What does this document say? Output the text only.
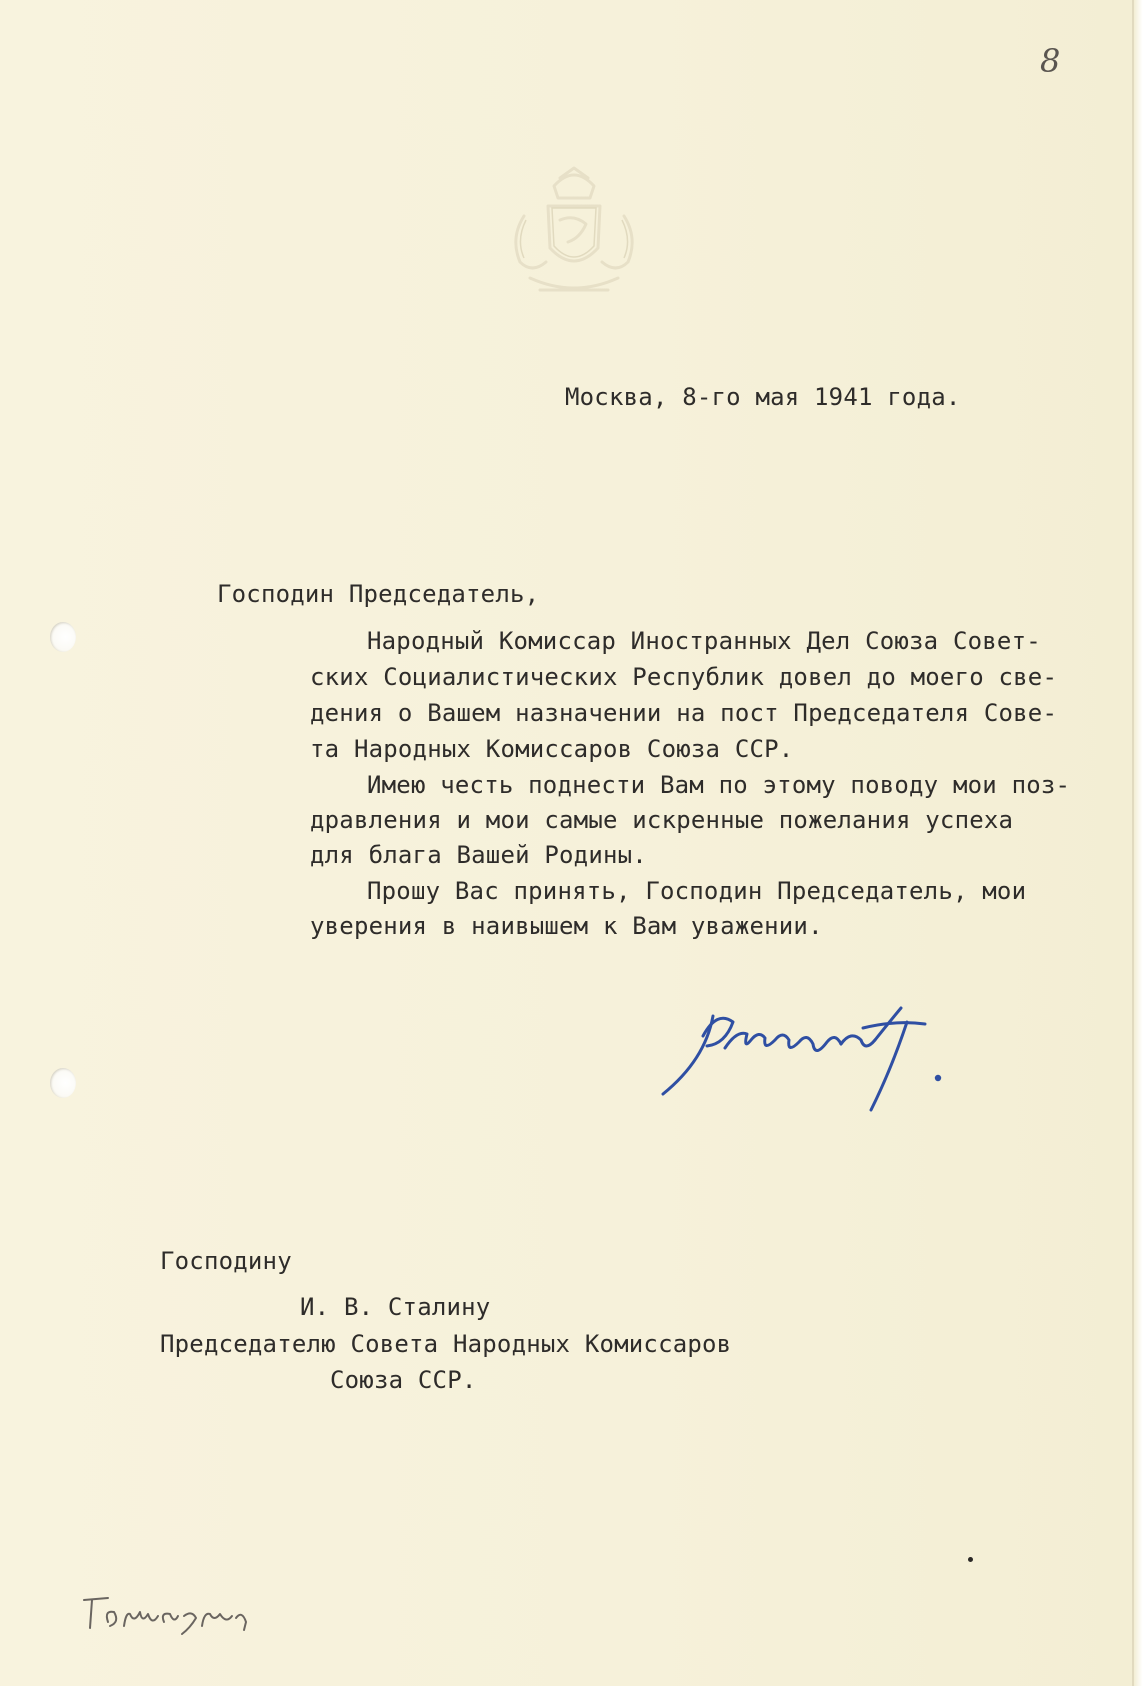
8
Москва, 8-го мая 1941 года.
Господин Председатель,
Народный Комиссар Иностранных Дел Союза Совет-
ских Социалистических Республик довел до моего све-
дения о Вашем назначении на пост Председателя Сове-
та Народных Комиссаров Союза ССР.
Имею честь поднести Вам по этому поводу мои поз-
дравления и мои самые искренные пожелания успеха
для блага Вашей Родины.
Прошу Вас принять, Господин Председатель, мои
уверения в наивышем к Вам уважении.
Господину
И. В. Сталину
Председателю Совета Народных Комиссаров
Союза ССР.
